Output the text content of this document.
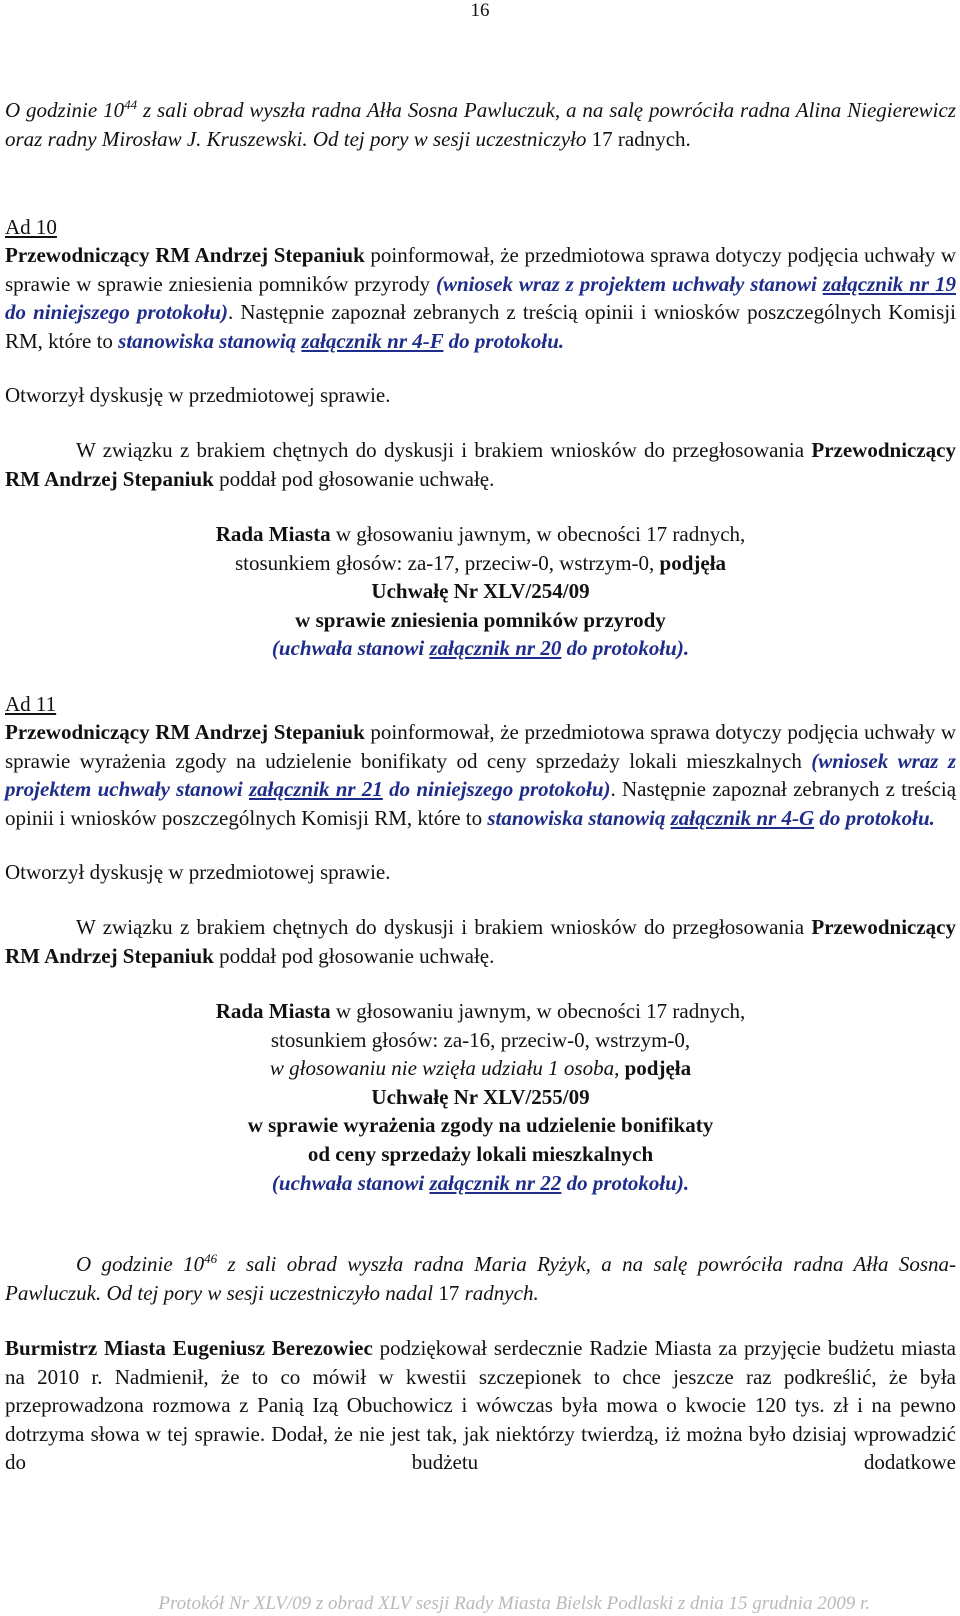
16
O godzinie $10^{44}$ z sali obrad wyszła radna Ałła Sosna Pawluczuk, a na salę powróciła radna Alina Niegierewicz oraz radny Mirosław J. Kruszewski. Od tej pory w sesji uczestniczyło 17 radnych.
Ad 10
Przewodniczący RM Andrzej Stepaniuk poinformował, że przedmiotowa sprawa dotyczy podjęcia uchwały w sprawie w sprawie zniesienia pomników przyrody (wniosek wraz z projektem uchwały stanowi załącznik nr 19 do niniejszego protokołu). Następnie zapoznał zebranych z treścią opinii i wniosków poszczególnych Komisji RM, które to stanowiska stanowią załącznik nr 4-F do protokołu.
Otworzył dyskusję w przedmiotowej sprawie.
W związku z brakiem chętnych do dyskusji i brakiem wniosków do przegłosowania Przewodniczący RM Andrzej Stepaniuk poddał pod głosowanie uchwałę.
Rada Miasta w głosowaniu jawnym, w obecności 17 radnych,
stosunkiem głosów: za-17, przeciw-0, wstrzym-0, podjęła
Uchwałę Nr XLV/254/09
w sprawie zniesienia pomników przyrody
(uchwała stanowi załącznik nr 20 do protokołu).
Ad 11
Przewodniczący RM Andrzej Stepaniuk poinformował, że przedmiotowa sprawa dotyczy podjęcia uchwały w sprawie wyrażenia zgody na udzielenie bonifikaty od ceny sprzedaży lokali mieszkalnych (wniosek wraz z projektem uchwały stanowi załącznik nr 21 do niniejszego protokołu). Następnie zapoznał zebranych z treścią opinii i wniosków poszczególnych Komisji RM, które to stanowiska stanowią załącznik nr 4-G do protokołu.
Otworzył dyskusję w przedmiotowej sprawie.
W związku z brakiem chętnych do dyskusji i brakiem wniosków do przegłosowania Przewodniczący RM Andrzej Stepaniuk poddał pod głosowanie uchwałę.
Rada Miasta w głosowaniu jawnym, w obecności 17 radnych,
stosunkiem głosów: za-16, przeciw-0, wstrzym-0,
w głosowaniu nie wzięła udziału 1 osoba, podjęła
Uchwałę Nr XLV/255/09
w sprawie wyrażenia zgody na udzielenie bonifikaty
od ceny sprzedaży lokali mieszkalnych
(uchwała stanowi załącznik nr 22 do protokołu).
O godzinie $10^{46}$ z sali obrad wyszła radna Maria Ryżyk, a na salę powróciła radna Ałła Sosna-Pawluczuk. Od tej pory w sesji uczestniczyło nadal 17 radnych.
Burmistrz Miasta Eugeniusz Berezowiec podziękował serdecznie Radzie Miasta za przyjęcie budżetu miasta na 2010 r. Nadmienił, że to co mówił w kwestii szczepionek to chce jeszcze raz podkreślić, że była przeprowadzona rozmowa z Panią Izą Obuchowicz i wówczas była mowa o kwocie 120 tys. zł i na pewno dotrzyma słowa w tej sprawie. Dodał, że nie jest tak, jak niektórzy twierdzą, iż można było dzisiaj wprowadzić do budżetu dodatkowe
Protokół Nr XLV/09 z obrad XLV sesji Rady Miasta Bielsk Podlaski z dnia 15 grudnia 2009 r.
